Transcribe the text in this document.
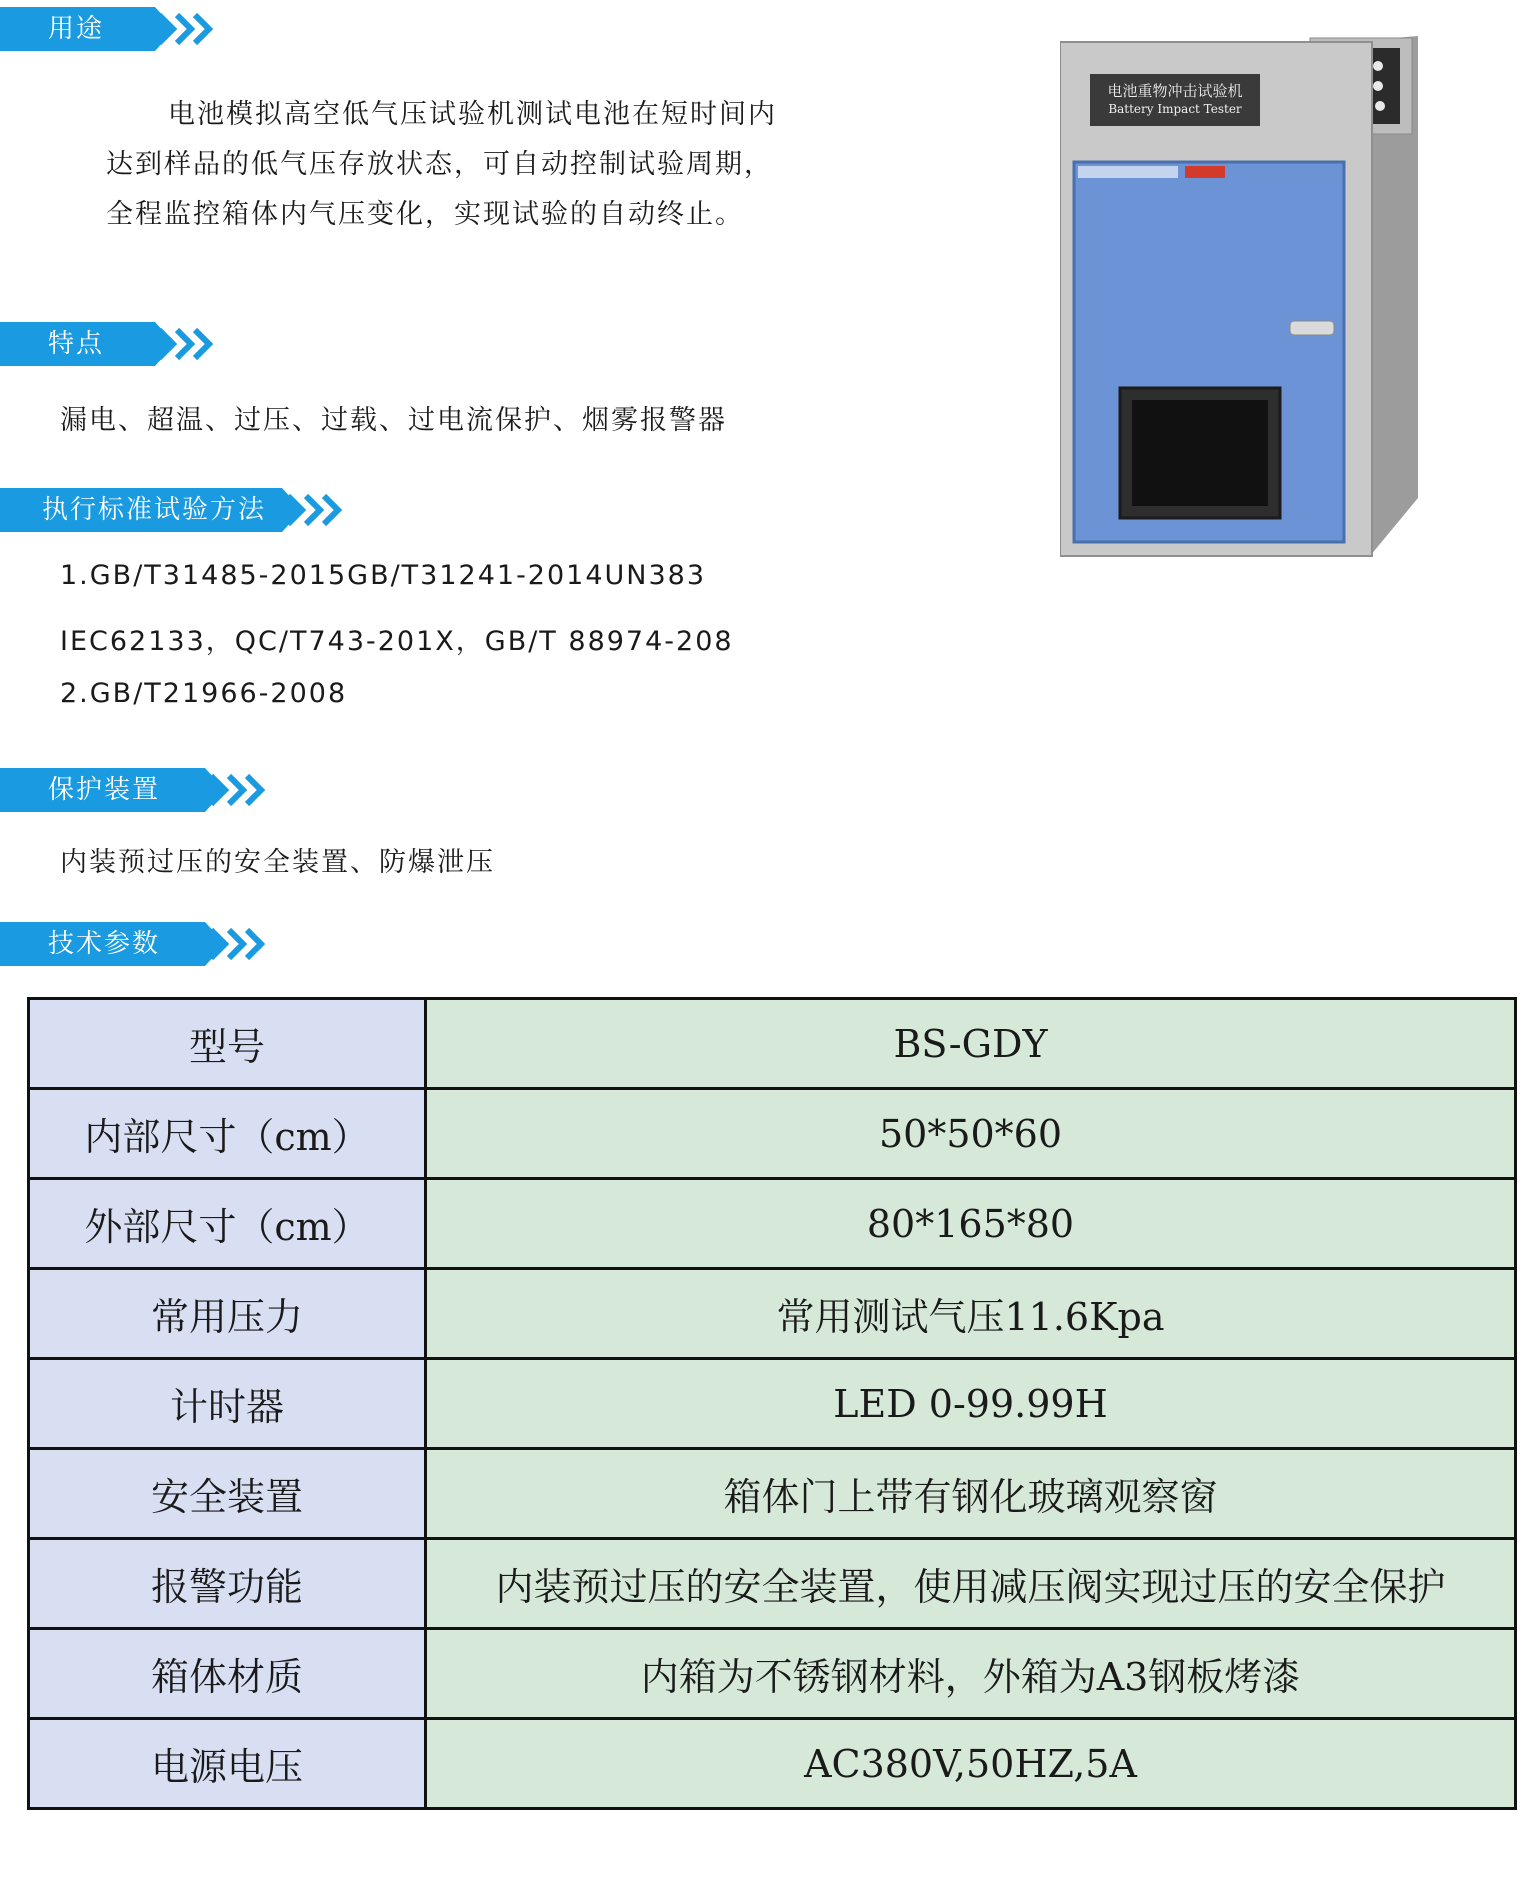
用途
电池模拟高空低气压试验机测试电池在短时间内
达到样品的低气压存放状态，可自动控制试验周期，
全程监控箱体内气压变化，实现试验的自动终止。
特点
漏电、超温、过压、过载、过电流保护、烟雾报警器
执行标准试验方法
1.GB/T31485-2015GB/T31241-2014UN383
IEC62133，QC/T743-201X，GB/T 88974-208
2.GB/T21966-2008
保护装置
内装预过压的安全装置、防爆泄压
技术参数
电池重物冲击试验机
Battery Impact Tester
型号	BS-GDY
内部尺寸（cm）	50*50*60
外部尺寸（cm）	80*165*80
常用压力	常用测试气压11.6Kpa
计时器	LED 0-99.99H
安全装置	箱体门上带有钢化玻璃观察窗
报警功能	内装预过压的安全装置，使用减压阀实现过压的安全保护
箱体材质	内箱为不锈钢材料，外箱为A3钢板烤漆
电源电压	AC380V,50HZ,5A
